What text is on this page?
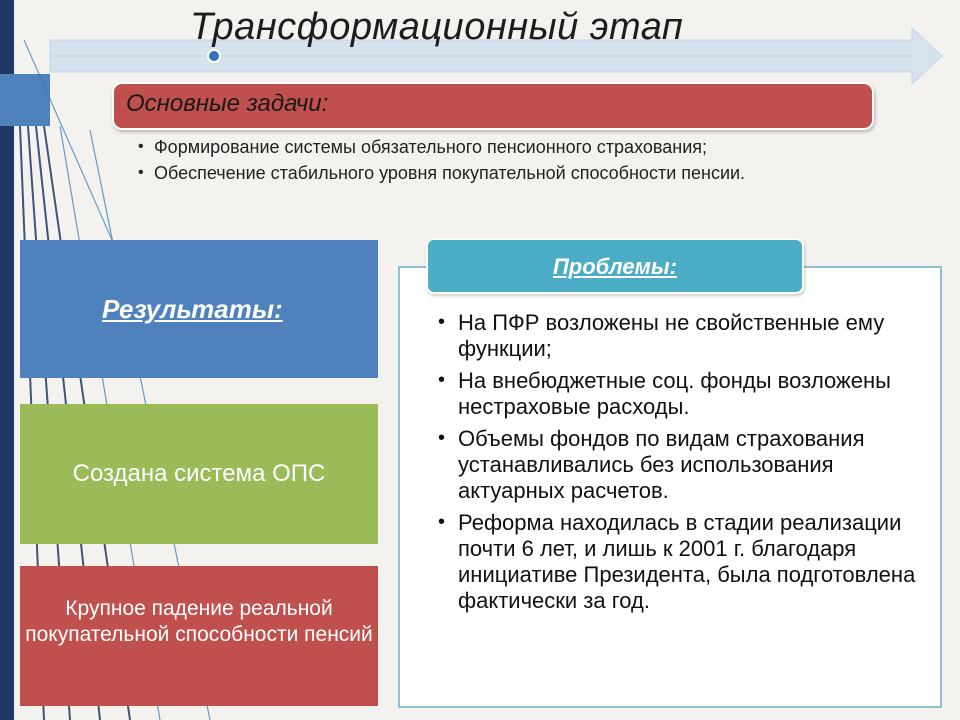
Трансформационный этап
Основные задачи:
• Формирование системы обязательного пенсионного страхования;
• Обеспечение стабильного уровня покупательной способности пенсии.
Результаты:
Создана система ОПС
Крупное падение реальной покупательной способности пенсий
Проблемы:
• На ПФР возложены не свойственные ему функции;
• На внебюджетные соц. фонды возложены нестраховые расходы.
• Объемы фондов по видам страхования устанавливались без использования актуарных расчетов.
• Реформа находилась в стадии реализации почти 6 лет, и лишь к 2001 г. благодаря инициативе Президента, была подготовлена фактически за год.
